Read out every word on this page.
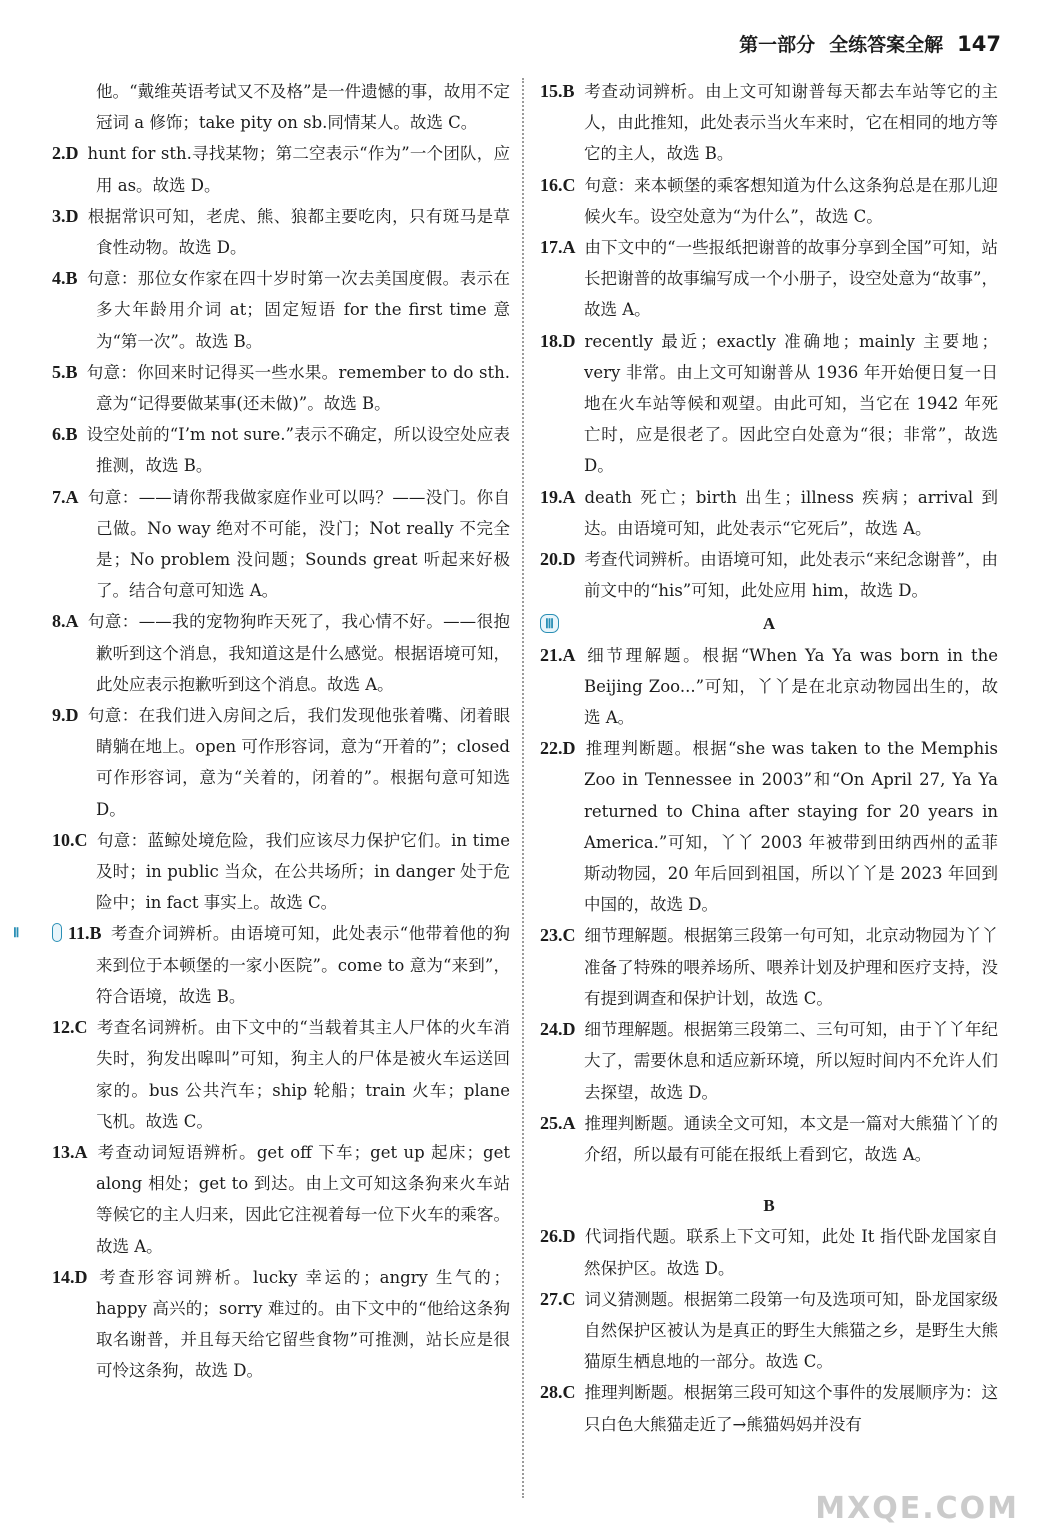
第一部分 全练答案全解 147
他。“戴维英语考试又不及格”是一件遗憾的事，故用不定冠词 a 修饰；take pity on sb.同情某人。故选 C。
2.D hunt for sth.寻找某物；第二空表示“作为”一个团队，应用 as。故选 D。
3.D 根据常识可知，老虎、熊、狼都主要吃肉，只有斑马是草食性动物。故选 D。
4.B 句意：那位女作家在四十岁时第一次去美国度假。表示在多大年龄用介词 at；固定短语 for the first time 意为“第一次”。故选 B。
5.B 句意：你回来时记得买一些水果。remember to do sth.意为“记得要做某事(还未做)”。故选 B。
6.B 设空处前的“I’m not sure.”表示不确定，所以设空处应表推测，故选 B。
7.A 句意：——请你帮我做家庭作业可以吗？——没门。你自己做。No way 绝对不可能，没门；Not really 不完全是；No problem 没问题；Sounds great 听起来好极了。结合句意可知选 A。
8.A 句意：——我的宠物狗昨天死了，我心情不好。——很抱歉听到这个消息，我知道这是什么感觉。根据语境可知，此处应表示抱歉听到这个消息。故选 A。
9.D 句意：在我们进入房间之后，我们发现他张着嘴、闭着眼睛躺在地上。open 可作形容词，意为“开着的”；closed 可作形容词，意为“关着的，闭着的”。根据句意可知选 D。
10.C 句意：蓝鲸处境危险，我们应该尽力保护它们。in time 及时；in public 当众，在公共场所；in danger 处于危险中；in fact 事实上。故选 C。
Ⅱ	11.B 考查介词辨析。由语境可知，此处表示“他带着他的狗来到位于本顿堡的一家小医院”。come to 意为“来到”，符合语境，故选 B。
12.C 考查名词辨析。由下文中的“当载着其主人尸体的火车消失时，狗发出嗥叫”可知，狗主人的尸体是被火车运送回家的。bus 公共汽车；ship 轮船；train 火车；plane 飞机。故选 C。
13.A 考查动词短语辨析。get off 下车；get up 起床；get along 相处；get to 到达。由上文可知这条狗来火车站等候它的主人归来，因此它注视着每一位下火车的乘客。故选 A。
14.D 考查形容词辨析。lucky 幸运的；angry 生气的；happy 高兴的；sorry 难过的。由下文中的“他给这条狗取名谢普，并且每天给它留些食物”可推测，站长应是很可怜这条狗，故选 D。
15.B 考查动词辨析。由上文可知谢普每天都去车站等它的主人，由此推知，此处表示当火车来时，它在相同的地方等它的主人，故选 B。
16.C 句意：来本顿堡的乘客想知道为什么这条狗总是在那儿迎候火车。设空处意为“为什么”，故选 C。
17.A 由下文中的“一些报纸把谢普的故事分享到全国”可知，站长把谢普的故事编写成一个小册子，设空处意为“故事”，故选 A。
18.D recently 最近；exactly 准确地；mainly 主要地；very 非常。由上文可知谢普从 1936 年开始便日复一日地在火车站等候和观望。由此可知，当它在 1942 年死亡时，应是很老了。因此空白处意为“很；非常”，故选 D。
19.A death 死亡；birth 出生；illness 疾病；arrival 到达。由语境可知，此处表示“它死后”，故选 A。
20.D 考查代词辨析。由语境可知，此处表示“来纪念谢普”，由前文中的“his”可知，此处应用 him，故选 D。
Ⅲ	A
21.A 细节理解题。根据“When Ya Ya was born in the Beijing Zoo...”可知，丫丫是在北京动物园出生的，故选 A。
22.D 推理判断题。根据“she was taken to the Memphis Zoo in Tennessee in 2003”和“On April 27, Ya Ya returned to China after staying for 20 years in America.”可知，丫丫 2003 年被带到田纳西州的孟菲斯动物园，20 年后回到祖国，所以丫丫是 2023 年回到中国的，故选 D。
23.C 细节理解题。根据第三段第一句可知，北京动物园为丫丫准备了特殊的喂养场所、喂养计划及护理和医疗支持，没有提到调查和保护计划，故选 C。
24.D 细节理解题。根据第三段第二、三句可知，由于丫丫年纪大了，需要休息和适应新环境，所以短时间内不允许人们去探望，故选 D。
25.A 推理判断题。通读全文可知，本文是一篇对大熊猫丫丫的介绍，所以最有可能在报纸上看到它，故选 A。
B
26.D 代词指代题。联系上下文可知，此处 It 指代卧龙国家自然保护区。故选 D。
27.C 词义猜测题。根据第二段第一句及选项可知，卧龙国家级自然保护区被认为是真正的野生大熊猫之乡，是野生大熊猫原生栖息地的一部分。故选 C。
28.C 推理判断题。根据第三段可知这个事件的发展顺序为：这只白色大熊猫走近了→熊猫妈妈并没有
MXQE.COM
